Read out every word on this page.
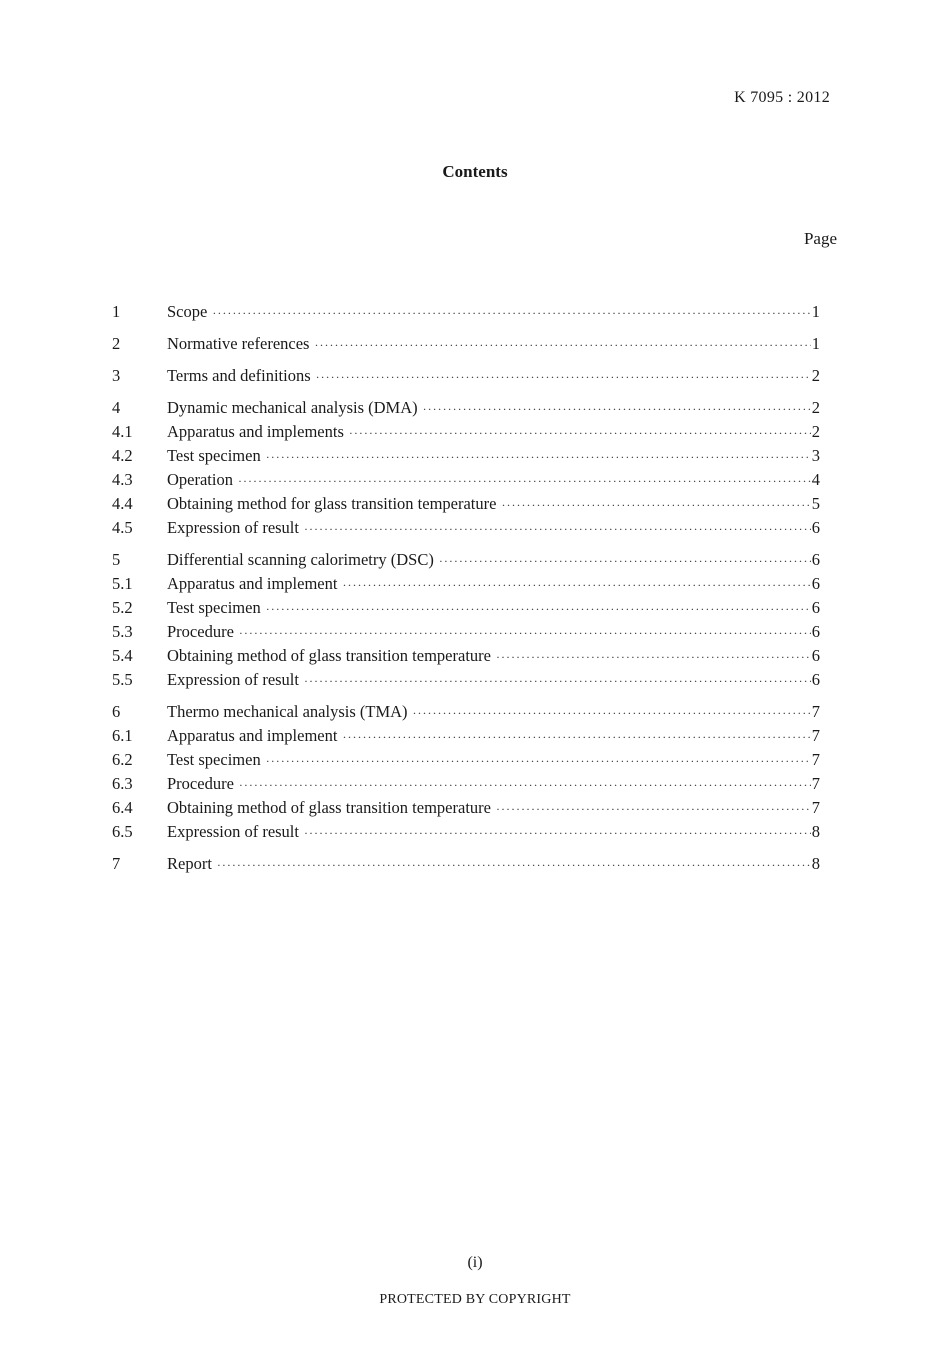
K 7095 : 2012
Contents
Page
1	Scope ·····	1
2	Normative references ·····	1
3	Terms and definitions ·····	2
4	Dynamic mechanical analysis (DMA) ·····	2
4.1	Apparatus and implements ·····	2
4.2	Test specimen ·····	3
4.3	Operation ·····	4
4.4	Obtaining method for glass transition temperature ·····	5
4.5	Expression of result ·····	6
5	Differential scanning calorimetry (DSC) ·····	6
5.1	Apparatus and implement ·····	6
5.2	Test specimen ·····	6
5.3	Procedure ·····	6
5.4	Obtaining method of glass transition temperature ·····	6
5.5	Expression of result ·····	6
6	Thermo mechanical analysis (TMA) ·····	7
6.1	Apparatus and implement ·····	7
6.2	Test specimen ·····	7
6.3	Procedure ·····	7
6.4	Obtaining method of glass transition temperature ·····	7
6.5	Expression of result ·····	8
7	Report ·····	8
(i)
PROTECTED BY COPYRIGHT
